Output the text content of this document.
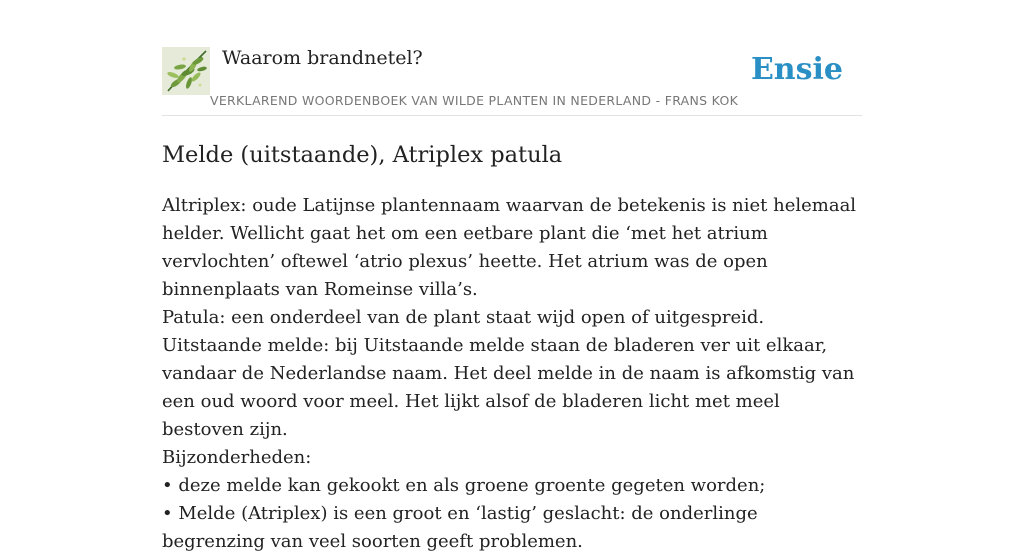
Waarom brandnetel?	Ensie
VERKLAREND WOORDENBOEK VAN WILDE PLANTEN IN NEDERLAND - FRANS KOK
Melde (uitstaande), Atriplex patula

Altriplex: oude Latijnse plantennaam waarvan de betekenis is niet helemaal helder. Wellicht gaat het om een eetbare plant die ‘met het atrium vervlochten’ oftewel ‘atrio plexus’ heette. Het atrium was de open binnenplaats van Romeinse villa’s.

Patula: een onderdeel van de plant staat wijd open of uitgespreid.

Uitstaande melde: bij Uitstaande melde staan de bladeren ver uit elkaar, vandaar de Nederlandse naam. Het deel melde in de naam is afkomstig van een oud woord voor meel. Het lijkt alsof de bladeren licht met meel bestoven zijn.

Bijzonderheden:

• deze melde kan gekookt en als groene groente gegeten worden;

• Melde (Atriplex) is een groot en ‘lastig’ geslacht: de onderlinge begrenzing van veel soorten geeft problemen.
